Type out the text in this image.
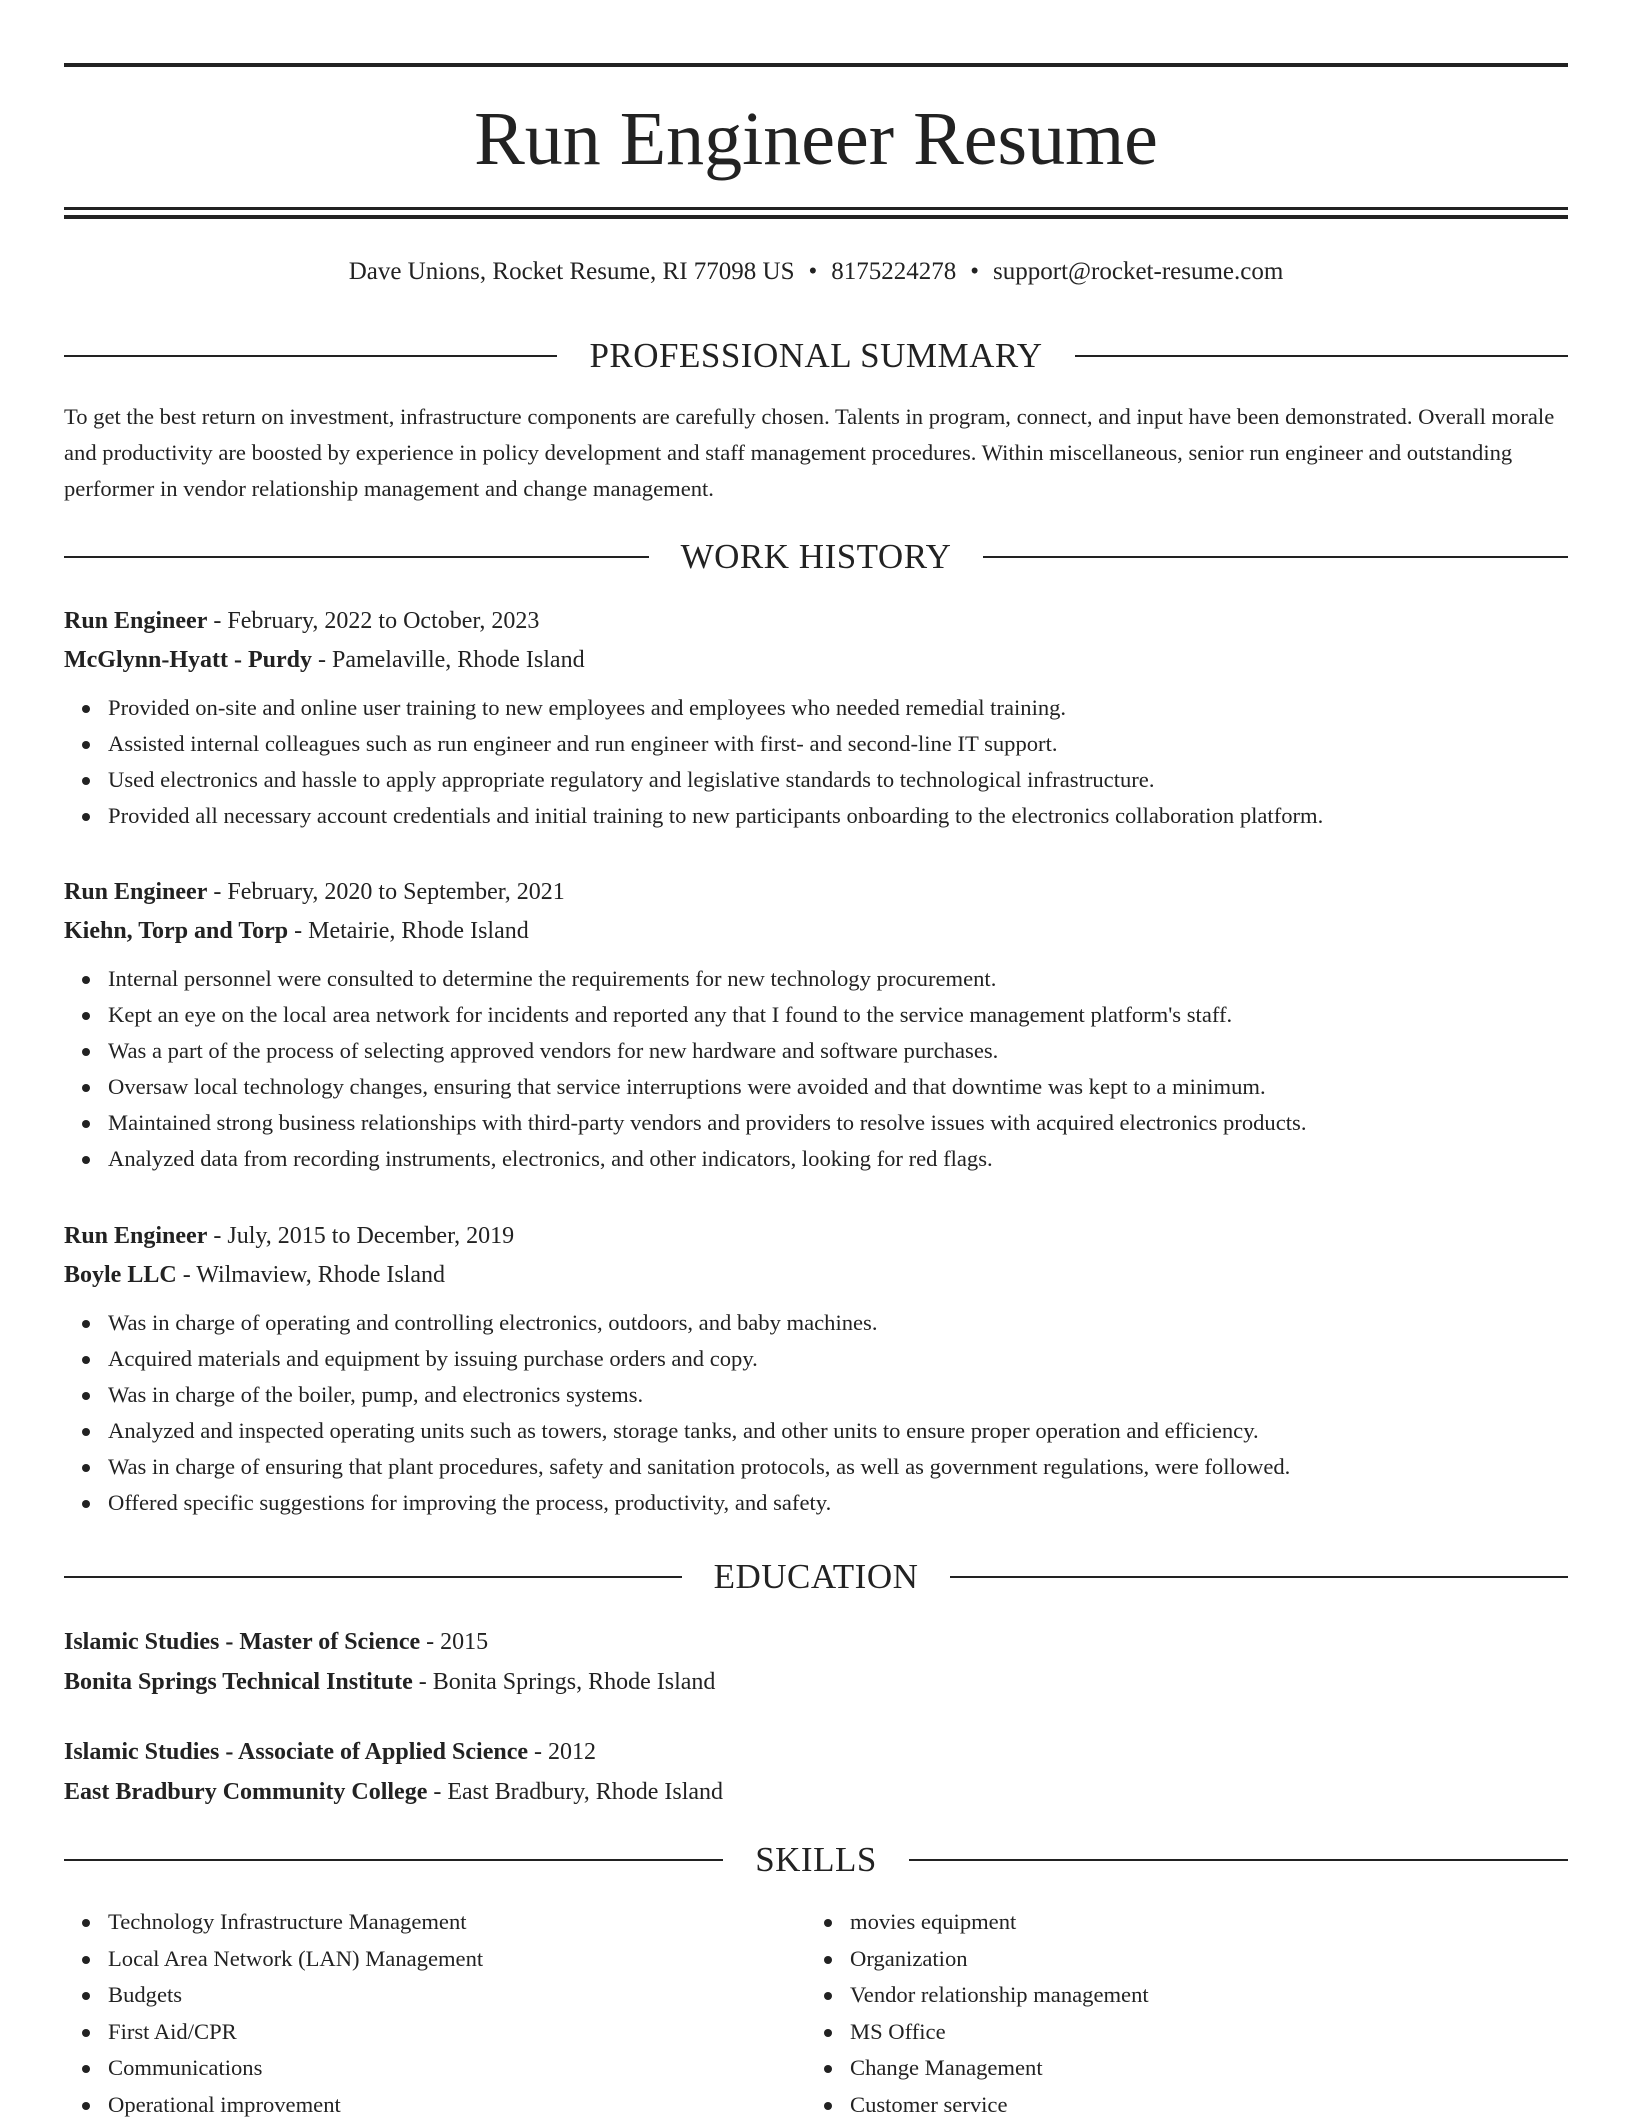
Run Engineer Resume
Dave Unions, Rocket Resume, RI 77098 US • 8175224278 • support@rocket-resume.com
PROFESSIONAL SUMMARY

To get the best return on investment, infrastructure components are carefully chosen. Talents in program, connect, and input have been demonstrated. Overall morale and productivity are boosted by experience in policy development and staff management procedures. Within miscellaneous, senior run engineer and outstanding performer in vendor relationship management and change management.

WORK HISTORY
Run Engineer - February, 2022 to October, 2023
McGlynn-Hyatt - Purdy - Pamelaville, Rhode Island
Provided on-site and online user training to new employees and employees who needed remedial training.
Assisted internal colleagues such as run engineer and run engineer with first- and second-line IT support.
Used electronics and hassle to apply appropriate regulatory and legislative standards to technological infrastructure.
Provided all necessary account credentials and initial training to new participants onboarding to the electronics collaboration platform.
Run Engineer - February, 2020 to September, 2021
Kiehn, Torp and Torp - Metairie, Rhode Island
Internal personnel were consulted to determine the requirements for new technology procurement.
Kept an eye on the local area network for incidents and reported any that I found to the service management platform's staff.
Was a part of the process of selecting approved vendors for new hardware and software purchases.
Oversaw local technology changes, ensuring that service interruptions were avoided and that downtime was kept to a minimum.
Maintained strong business relationships with third-party vendors and providers to resolve issues with acquired electronics products.
Analyzed data from recording instruments, electronics, and other indicators, looking for red flags.
Run Engineer - July, 2015 to December, 2019
Boyle LLC - Wilmaview, Rhode Island
Was in charge of operating and controlling electronics, outdoors, and baby machines.
Acquired materials and equipment by issuing purchase orders and copy.
Was in charge of the boiler, pump, and electronics systems.
Analyzed and inspected operating units such as towers, storage tanks, and other units to ensure proper operation and efficiency.
Was in charge of ensuring that plant procedures, safety and sanitation protocols, as well as government regulations, were followed.
Offered specific suggestions for improving the process, productivity, and safety.
EDUCATION
Islamic Studies - Master of Science - 2015
Bonita Springs Technical Institute - Bonita Springs, Rhode Island
Islamic Studies - Associate of Applied Science - 2012
East Bradbury Community College - East Bradbury, Rhode Island
SKILLS
Technology Infrastructure Management
Local Area Network (LAN) Management
Budgets
First Aid/CPR
Communications
Operational improvement
movies equipment
Organization
Vendor relationship management
MS Office
Change Management
Customer service
